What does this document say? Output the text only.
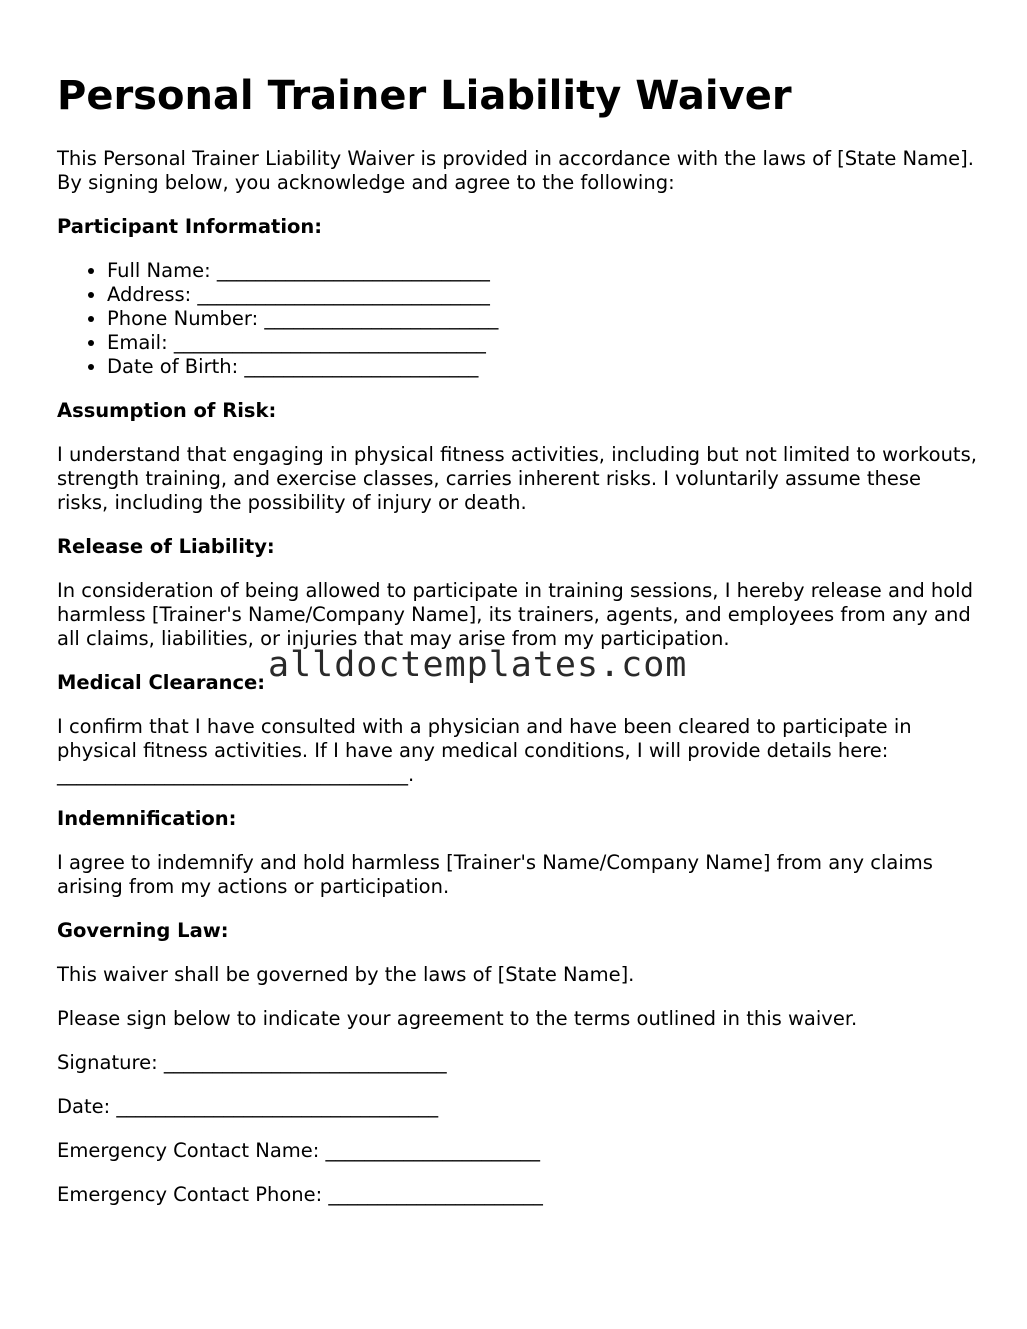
Personal Trainer Liability Waiver

This Personal Trainer Liability Waiver is provided in accordance with the laws of [State Name]. By signing below, you acknowledge and agree to the following:

Participant Information:
• Full Name: ____________________________
• Address: ______________________________
• Phone Number: ________________________
• Email: ________________________________
• Date of Birth: ________________________
Assumption of Risk:

I understand that engaging in physical fitness activities, including but not limited to workouts, strength training, and exercise classes, carries inherent risks. I voluntarily assume these risks, including the possibility of injury or death.

Release of Liability:

In consideration of being allowed to participate in training sessions, I hereby release and hold harmless [Trainer's Name/Company Name], its trainers, agents, and employees from any and all claims, liabilities, or injuries that may arise from my participation.

Medical Clearance:

I confirm that I have consulted with a physician and have been cleared to participate in physical fitness activities. If I have any medical conditions, I will provide details here: ____________________________________.

Indemnification:

I agree to indemnify and hold harmless [Trainer's Name/Company Name] from any claims arising from my actions or participation.

Governing Law:

This waiver shall be governed by the laws of [State Name].

Please sign below to indicate your agreement to the terms outlined in this waiver.

Signature: _____________________________

Date: _________________________________

Emergency Contact Name: ______________________

Emergency Contact Phone: ______________________

alldoctemplates.com
